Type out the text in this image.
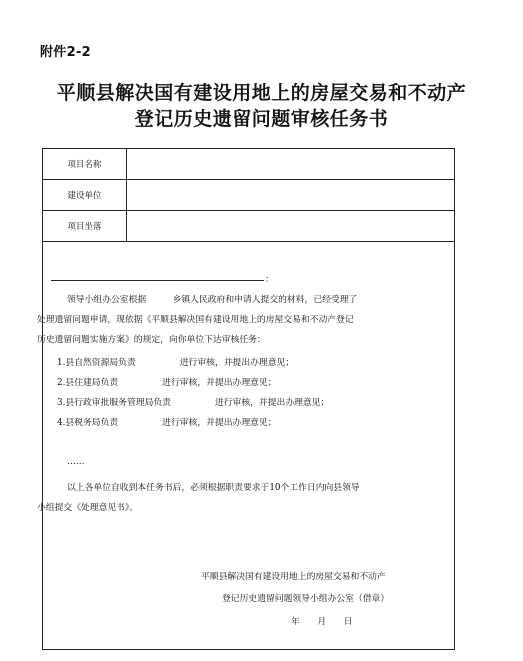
附件2-2
平顺县解决国有建设用地上的房屋交易和不动产
登记历史遗留问题审核任务书
项目名称
建设单位
项目坐落
：
领导小组办公室根据　　　乡镇人民政府和申请人提交的材料，已经受理了
处理遗留问题申请，现依据《平顺县解决国有建设用地上的房屋交易和不动产登记
历史遗留问题实施方案》的规定，向你单位下达审核任务：
1.县自然资源局负责　　　　　进行审核，并提出办理意见；
2.县住建局负责　　　　　进行审核，并提出办理意见；
3.县行政审批服务管理局负责　　　　　进行审核，并提出办理意见；
4.县税务局负责　　　　　进行审核，并提出办理意见；
……
以上各单位自收到本任务书后，必须根据职责要求于10个工作日内向县领导
小组提交《处理意见书》。
平顺县解决国有建设用地上的房屋交易和不动产
登记历史遗留问题领导小组办公室（借章）
年　　月　　日
